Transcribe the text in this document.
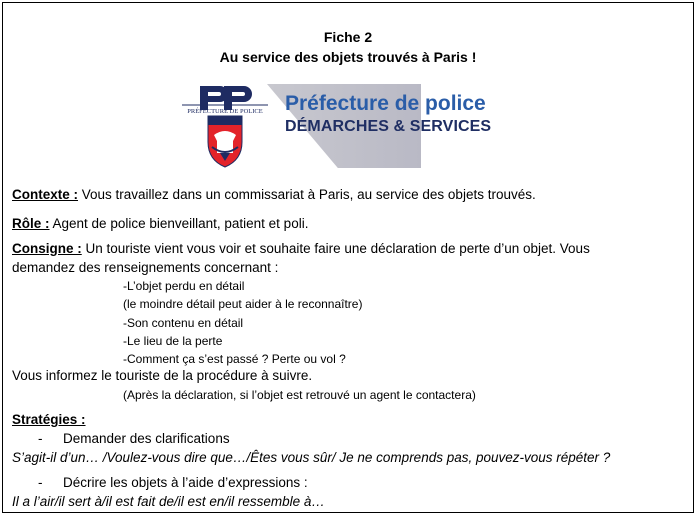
Fiche 2
Au service des objets trouvés à Paris !
PRÉFECTURE DE POLICE Préfecture de police
DÉMARCHES & SERVICES
Contexte : Vous travaillez dans un commissariat à Paris, au service des objets trouvés.
Rôle : Agent de police bienveillant, patient et poli.
Consigne : Un touriste vient vous voir et souhaite faire une déclaration de perte d’un objet. Vous
demandez des renseignements concernant :
-L’objet perdu en détail
(le moindre détail peut aider à le reconnaître)
-Son contenu en détail
-Le lieu de la perte
-Comment ça s’est passé ? Perte ou vol ?
Vous informez le touriste de la procédure à suivre.
(Après la déclaration, si l’objet est retrouvé un agent le contactera)
Stratégies :
- Demander des clarifications
S’agit-il d’un… /Voulez-vous dire que…/Êtes vous sûr/ Je ne comprends pas, pouvez-vous répéter ?
- Décrire les objets à l’aide d’expressions :
Il a l’air/il sert à/il est fait de/il est en/il ressemble à…
